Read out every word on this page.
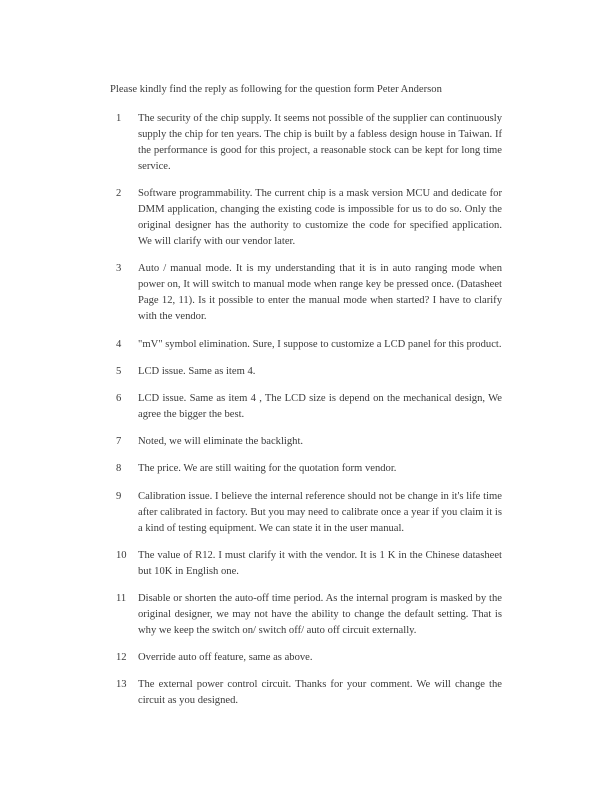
Please kindly find the reply as following for the question form Peter Anderson
1	The security of the chip supply. It seems not possible of the supplier can continuously supply the chip for ten years. The chip is built by a fabless design house in Taiwan. If the performance is good for this project, a reasonable stock can be kept for long time service.
2	Software programmability. The current chip is a mask version MCU and dedicate for DMM application, changing the existing code is impossible for us to do so. Only the original designer has the authority to customize the code for specified application. We will clarify with our vendor later.
3	Auto / manual mode. It is my understanding that it is in auto ranging mode when power on, It will switch to manual mode when range key be pressed once. (Datasheet Page 12, 11). Is it possible to enter the manual mode when started? I have to clarify with the vendor.
4	"mV" symbol elimination. Sure, I suppose to customize a LCD panel for this product.
5	LCD issue. Same as item 4.
6	LCD issue. Same as item 4 , The LCD size is depend on the mechanical design, We agree the bigger the best.
7	Noted, we will eliminate the backlight.
8	The price. We are still waiting for the quotation form vendor.
9	Calibration issue. I believe the internal reference should not be change in it's life time after calibrated in factory. But you may need to calibrate once a year if you claim it is a kind of testing equipment. We can state it in the user manual.
10	The value of R12. I must clarify it with the vendor. It is 1 K in the Chinese datasheet but 10K in English one.
11	Disable or shorten the auto-off time period. As the internal program is masked by the original designer, we may not have the ability to change the default setting. That is why we keep the switch on/ switch off/ auto off circuit externally.
12	Override auto off feature, same as above.
13	The external power control circuit. Thanks for your comment. We will change the circuit as you designed.
